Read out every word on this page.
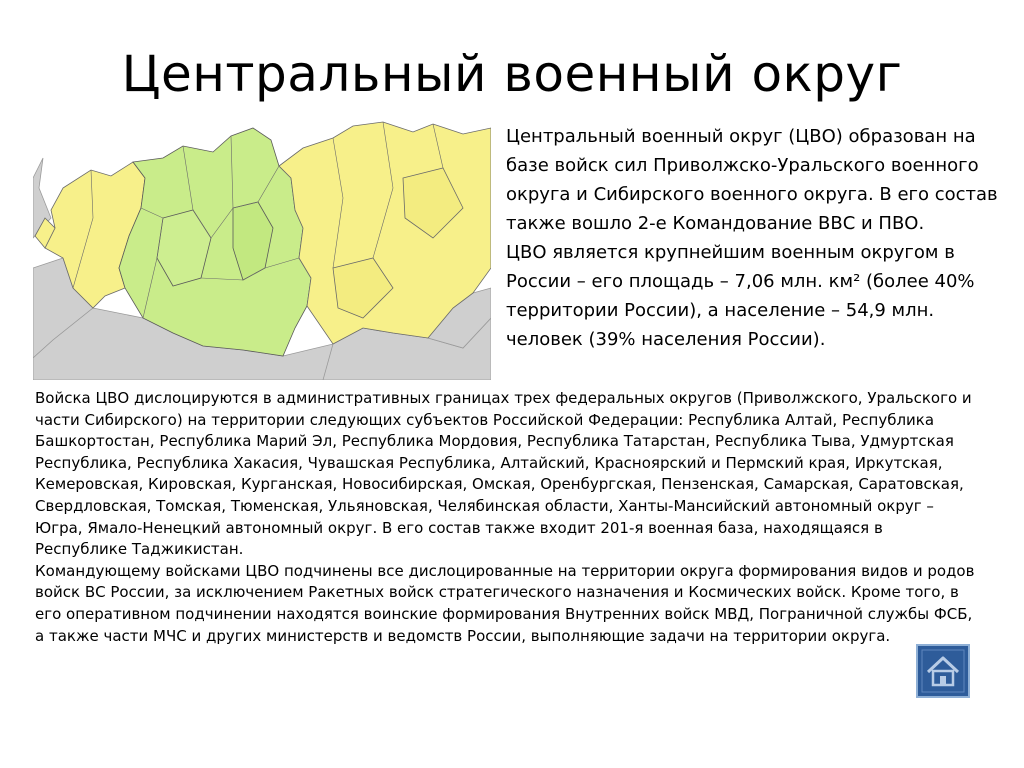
Центральный военный округ

Центральный военный округ (ЦВО) образован на базе войск сил Приволжско-Уральского военного округа и Сибирского военного округа. В его состав также вошло 2-е Командование ВВС и ПВО.

ЦВО является крупнейшим военным округом в России – его площадь – 7,06 млн. км² (более 40% территории России), а население – 54,9 млн. человек (39% населения России).

Войска ЦВО дислоцируются в административных границах трех федеральных округов (Приволжского, Уральского и части Сибирского) на территории следующих субъектов Российской Федерации: Республика Алтай, Республика Башкортостан, Республика Марий Эл, Республика Мордовия, Республика Татарстан, Республика Тыва, Удмуртская Республика, Республика Хакасия, Чувашская Республика, Алтайский, Красноярский и Пермский края, Иркутская, Кемеровская, Кировская, Курганская, Новосибирская, Омская, Оренбургская, Пензенская, Самарская, Саратовская, Свердловская, Томская, Тюменская, Ульяновская, Челябинская области, Ханты-Мансийский автономный округ – Югра, Ямало-Ненецкий автономный округ. В его состав также входит 201-я военная база, находящаяся в Республике Таджикистан.

Командующему войсками ЦВО подчинены все дислоцированные на территории округа формирования видов и родов войск ВС России, за исключением Ракетных войск стратегического назначения и Космических войск. Кроме того, в его оперативном подчинении находятся воинские формирования Внутренних войск МВД, Пограничной службы ФСБ, а также части МЧС и других министерств и ведомств России, выполняющие задачи на территории округа.
